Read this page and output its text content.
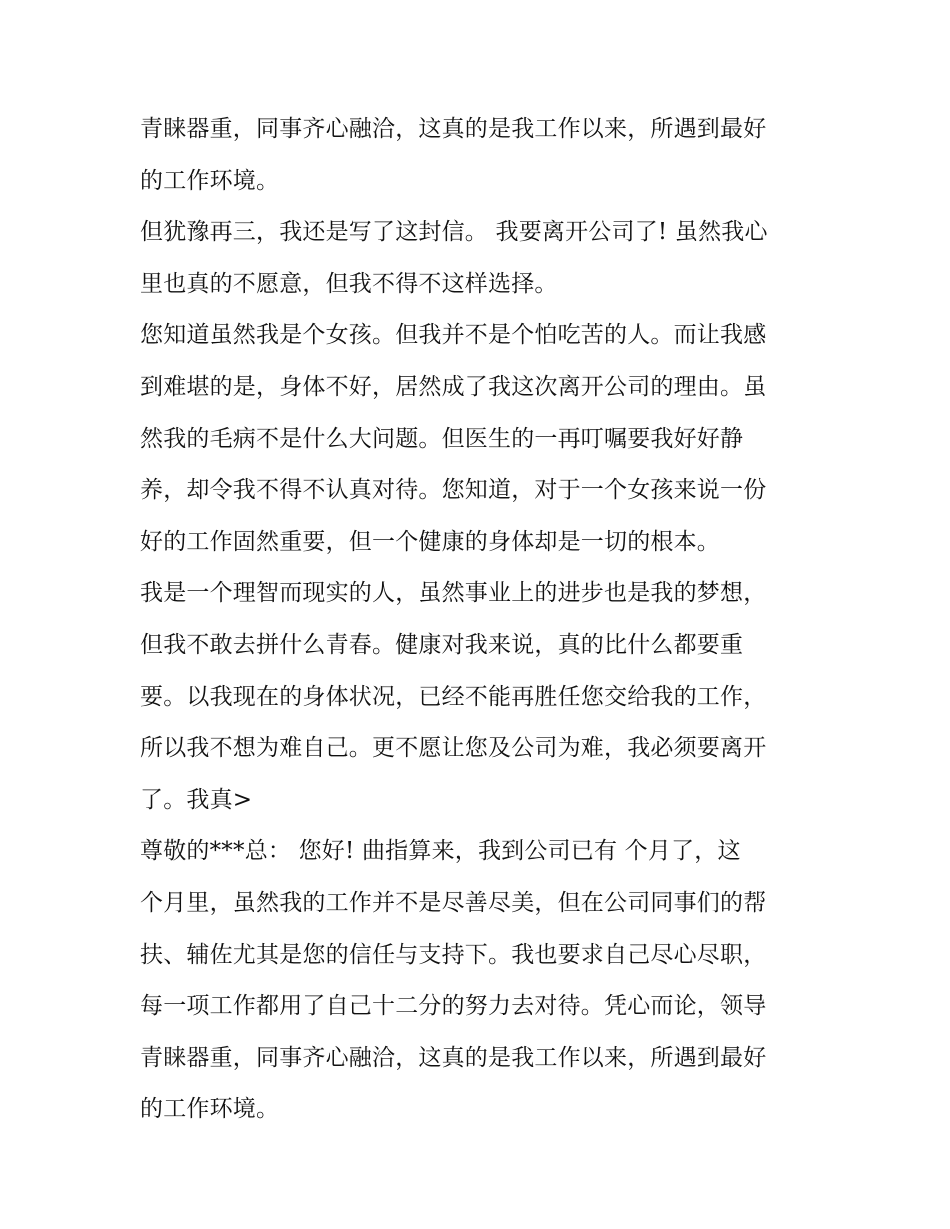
青睐器重，同事齐心融洽，这真的是我工作以来，所遇到最好
的工作环境。
但犹豫再三，我还是写了这封信。 我要离开公司了! 虽然我心
里也真的不愿意，但我不得不这样选择。
您知道虽然我是个女孩。但我并不是个怕吃苦的人。而让我感
到难堪的是，身体不好，居然成了我这次离开公司的理由。虽
然我的毛病不是什么大问题。但医生的一再叮嘱要我好好静
养，却令我不得不认真对待。您知道，对于一个女孩来说一份
好的工作固然重要，但一个健康的身体却是一切的根本。
我是一个理智而现实的人，虽然事业上的进步也是我的梦想，
但我不敢去拼什么青春。健康对我来说，真的比什么都要重
要。以我现在的身体状况，已经不能再胜任您交给我的工作，
所以我不想为难自己。更不愿让您及公司为难，我必须要离开
了。我真>
尊敬的***总： 您好! 曲指算来，我到公司已有 个月了，这
个月里，虽然我的工作并不是尽善尽美，但在公司同事们的帮
扶、辅佐尤其是您的信任与支持下。我也要求自己尽心尽职，
每一项工作都用了自己十二分的努力去对待。凭心而论，领导
青睐器重，同事齐心融洽，这真的是我工作以来，所遇到最好
的工作环境。
